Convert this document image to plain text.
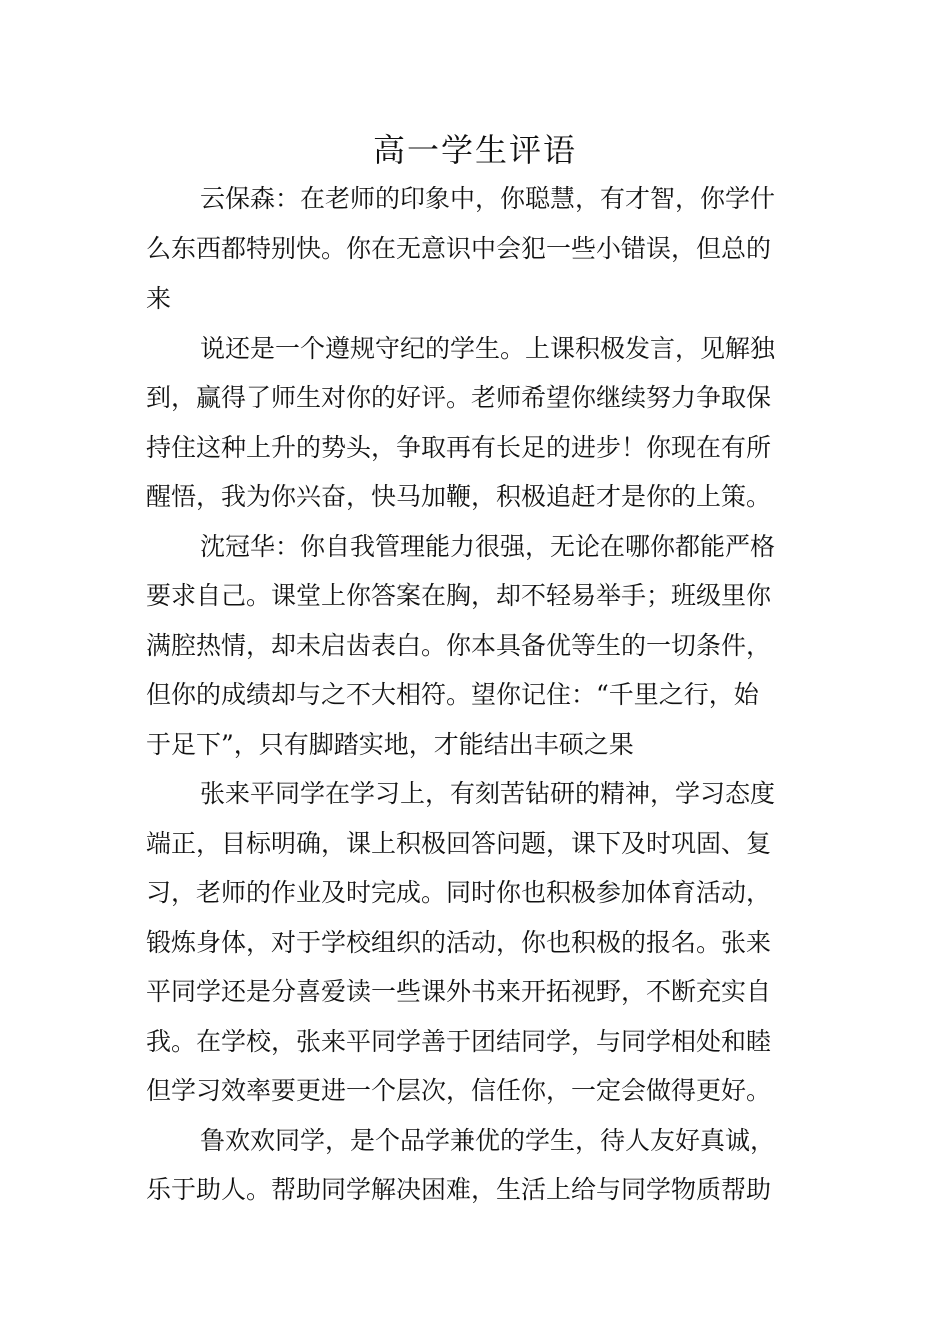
高一学生评语
云保森：在老师的印象中，你聪慧，有才智，你学什
么东西都特别快。你在无意识中会犯一些小错误，但总的
来
说还是一个遵规守纪的学生。上课积极发言，见解独
到，赢得了师生对你的好评。老师希望你继续努力争取保
持住这种上升的势头，争取再有长足的进步！你现在有所
醒悟，我为你兴奋，快马加鞭，积极追赶才是你的上策。
沈冠华：你自我管理能力很强，无论在哪你都能严格
要求自己。课堂上你答案在胸，却不轻易举手；班级里你
满腔热情，却未启齿表白。你本具备优等生的一切条件，
但你的成绩却与之不大相符。望你记住：“千里之行，始
于足下”，只有脚踏实地，才能结出丰硕之果
张来平同学在学习上，有刻苦钻研的精神，学习态度
端正，目标明确，课上积极回答问题，课下及时巩固、复
习，老师的作业及时完成。同时你也积极参加体育活动，
锻炼身体，对于学校组织的活动，你也积极的报名。张来
平同学还是分喜爱读一些课外书来开拓视野，不断充实自
我。在学校，张来平同学善于团结同学，与同学相处和睦
但学习效率要更进一个层次，信任你，一定会做得更好。
鲁欢欢同学，是个品学兼优的学生，待人友好真诚，
乐于助人。帮助同学解决困难，生活上给与同学物质帮助
